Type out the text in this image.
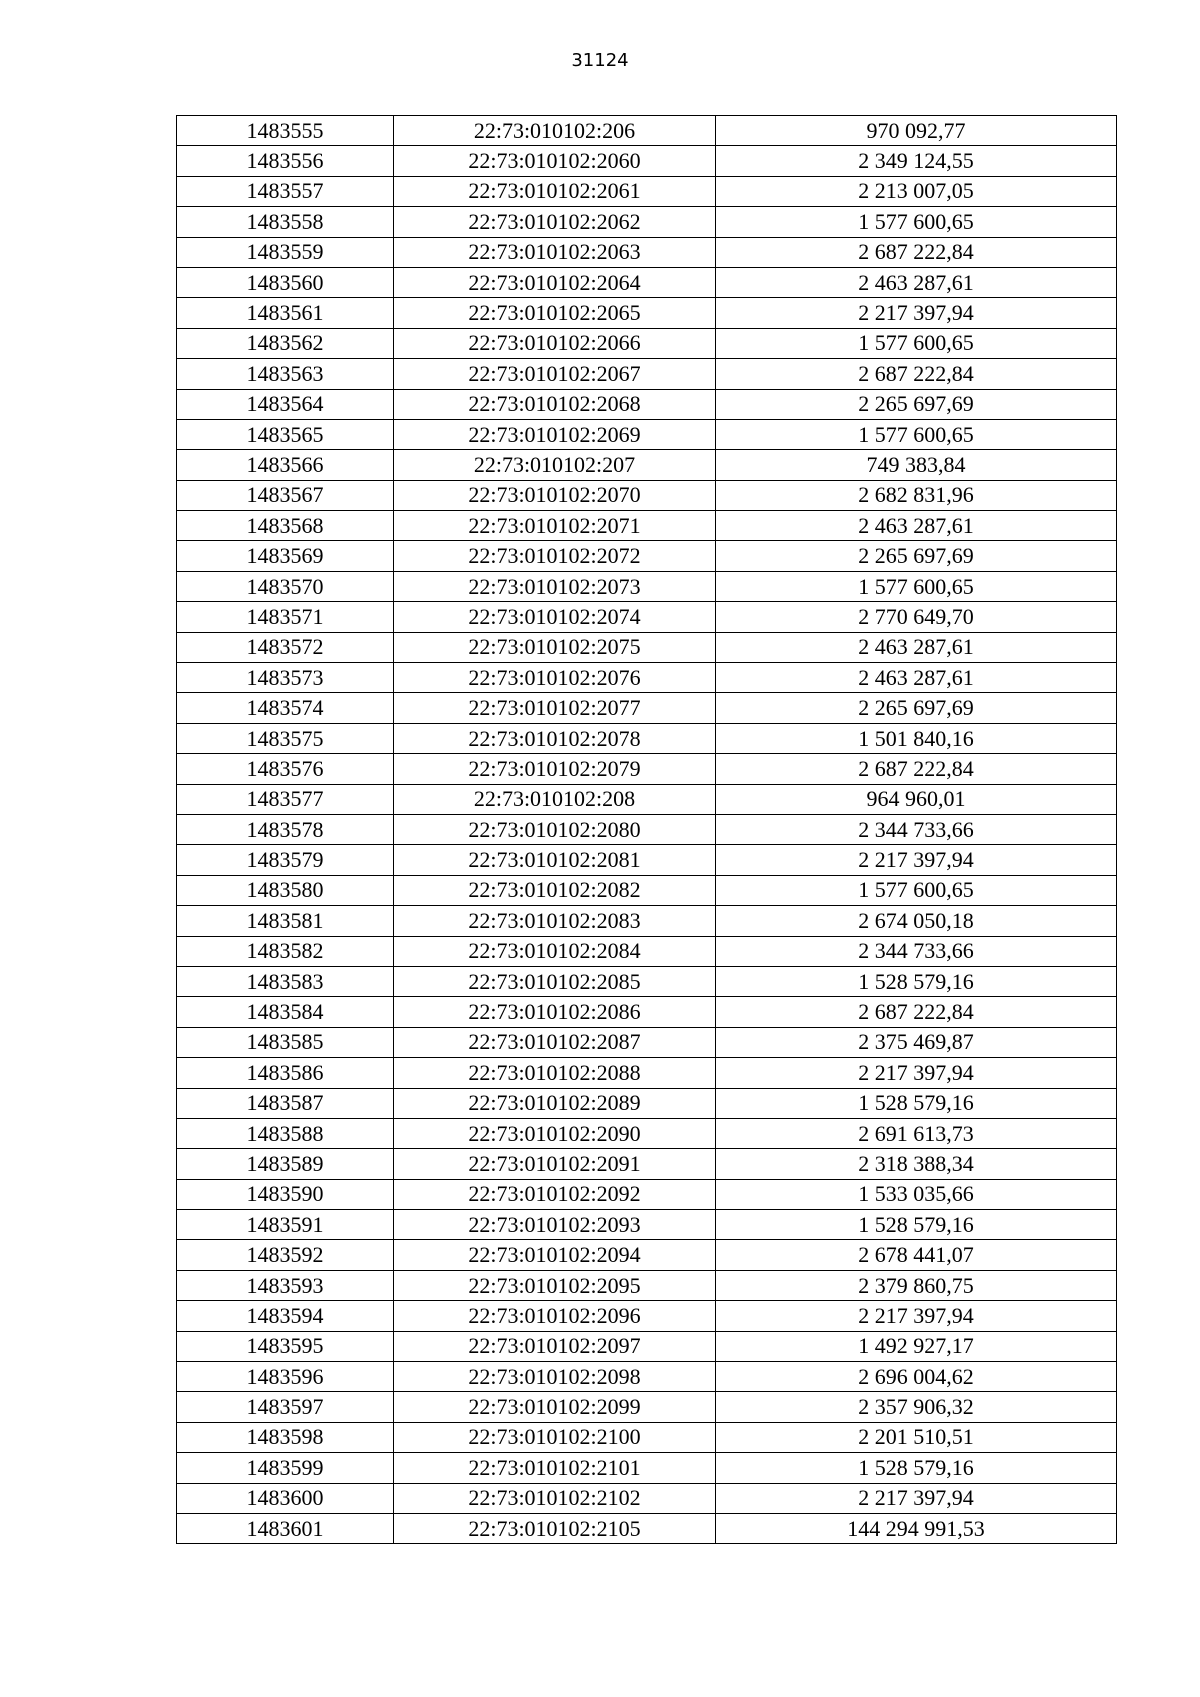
31124
1483555	22:73:010102:206	970 092,77
1483556	22:73:010102:2060	2 349 124,55
1483557	22:73:010102:2061	2 213 007,05
1483558	22:73:010102:2062	1 577 600,65
1483559	22:73:010102:2063	2 687 222,84
1483560	22:73:010102:2064	2 463 287,61
1483561	22:73:010102:2065	2 217 397,94
1483562	22:73:010102:2066	1 577 600,65
1483563	22:73:010102:2067	2 687 222,84
1483564	22:73:010102:2068	2 265 697,69
1483565	22:73:010102:2069	1 577 600,65
1483566	22:73:010102:207	749 383,84
1483567	22:73:010102:2070	2 682 831,96
1483568	22:73:010102:2071	2 463 287,61
1483569	22:73:010102:2072	2 265 697,69
1483570	22:73:010102:2073	1 577 600,65
1483571	22:73:010102:2074	2 770 649,70
1483572	22:73:010102:2075	2 463 287,61
1483573	22:73:010102:2076	2 463 287,61
1483574	22:73:010102:2077	2 265 697,69
1483575	22:73:010102:2078	1 501 840,16
1483576	22:73:010102:2079	2 687 222,84
1483577	22:73:010102:208	964 960,01
1483578	22:73:010102:2080	2 344 733,66
1483579	22:73:010102:2081	2 217 397,94
1483580	22:73:010102:2082	1 577 600,65
1483581	22:73:010102:2083	2 674 050,18
1483582	22:73:010102:2084	2 344 733,66
1483583	22:73:010102:2085	1 528 579,16
1483584	22:73:010102:2086	2 687 222,84
1483585	22:73:010102:2087	2 375 469,87
1483586	22:73:010102:2088	2 217 397,94
1483587	22:73:010102:2089	1 528 579,16
1483588	22:73:010102:2090	2 691 613,73
1483589	22:73:010102:2091	2 318 388,34
1483590	22:73:010102:2092	1 533 035,66
1483591	22:73:010102:2093	1 528 579,16
1483592	22:73:010102:2094	2 678 441,07
1483593	22:73:010102:2095	2 379 860,75
1483594	22:73:010102:2096	2 217 397,94
1483595	22:73:010102:2097	1 492 927,17
1483596	22:73:010102:2098	2 696 004,62
1483597	22:73:010102:2099	2 357 906,32
1483598	22:73:010102:2100	2 201 510,51
1483599	22:73:010102:2101	1 528 579,16
1483600	22:73:010102:2102	2 217 397,94
1483601	22:73:010102:2105	144 294 991,53
